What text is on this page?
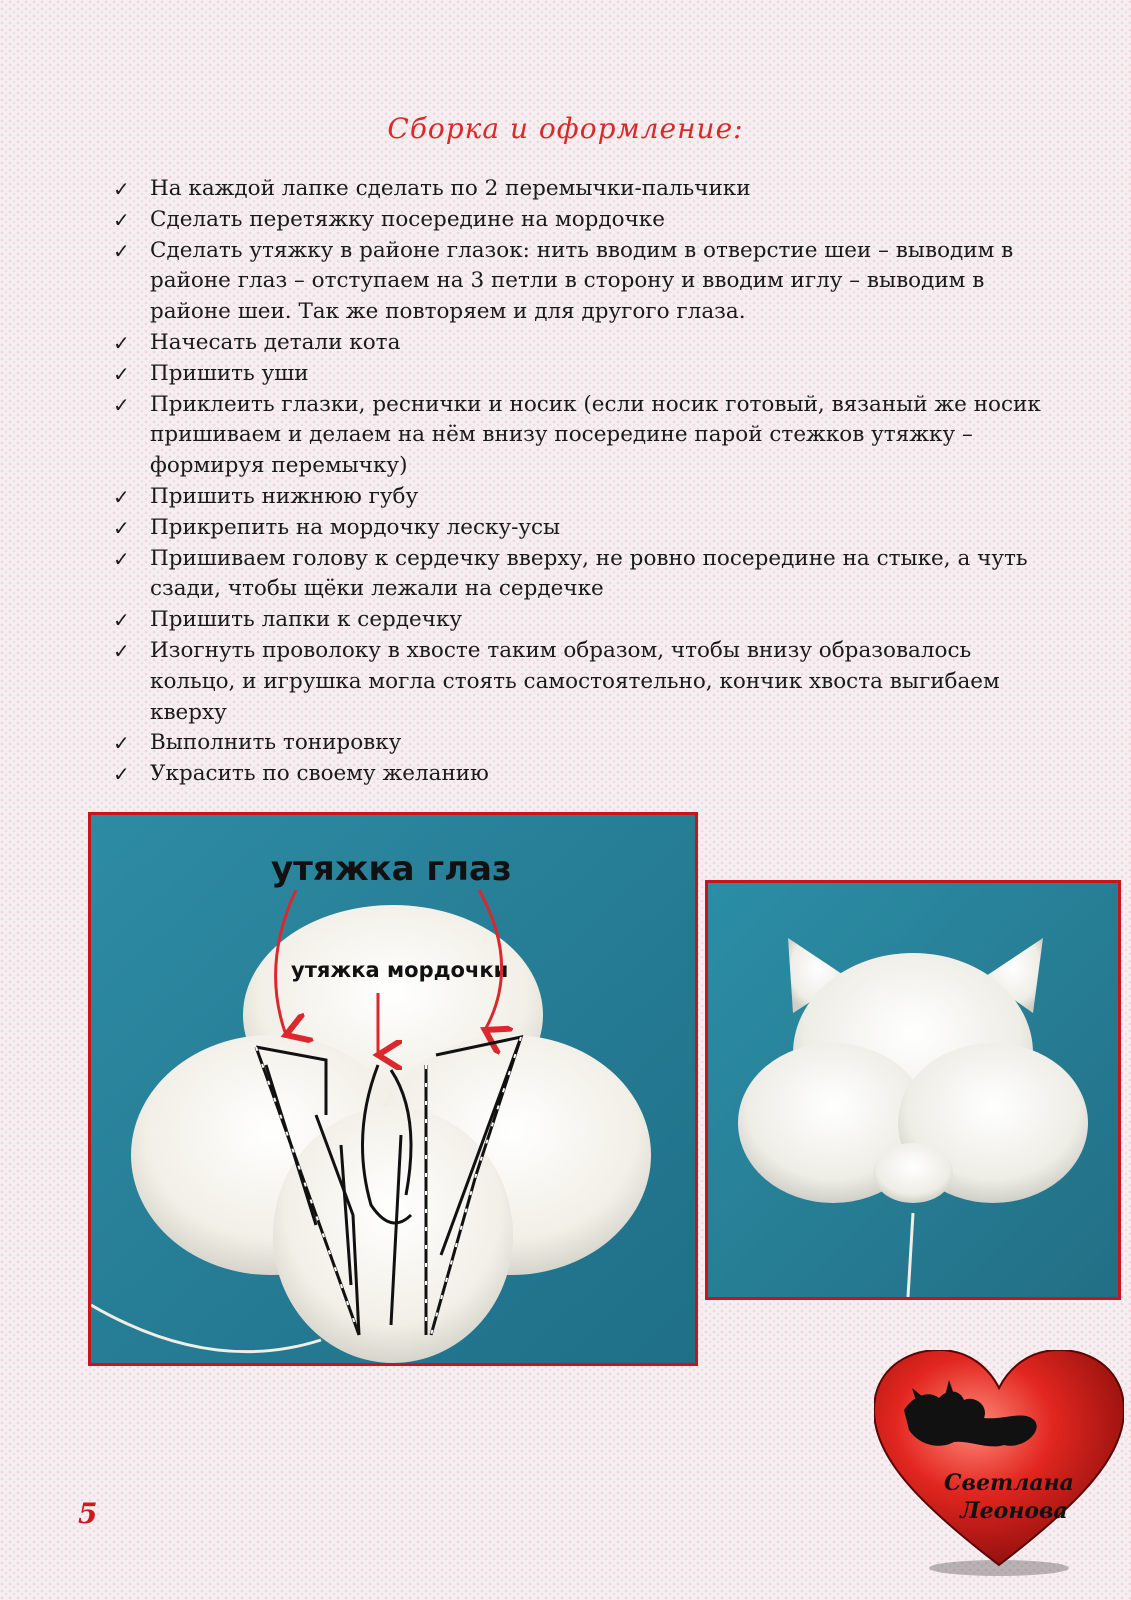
Сборка и оформление:
✓ На каждой лапке сделать по 2 перемычки-пальчики
✓ Сделать перетяжку посередине на мордочке
✓ Сделать утяжку в районе глазок: нить вводим в отверстие шеи – выводим в районе глаз – отступаем на 3 петли в сторону и вводим иглу – выводим в районе шеи. Так же повторяем и для другого глаза.
✓ Начесать детали кота
✓ Пришить уши
✓ Приклеить глазки, реснички и носик (если носик готовый, вязаный же носик пришиваем и делаем на нём внизу посередине парой стежков утяжку – формируя перемычку)
✓ Пришить нижнюю губу
✓ Прикрепить на мордочку леску-усы
✓ Пришиваем голову к сердечку вверху, не ровно посередине на стыке, а чуть сзади, чтобы щёки лежали на сердечке
✓ Пришить лапки к сердечку
✓ Изогнуть проволоку в хвосте таким образом, чтобы внизу образовалось кольцо, и игрушка могла стоять самостоятельно, кончик хвоста выгибаем кверху
✓ Выполнить тонировку
✓ Украсить по своему желанию
утяжка глаз
утяжка мордочки
5
Светлана
Леонова
